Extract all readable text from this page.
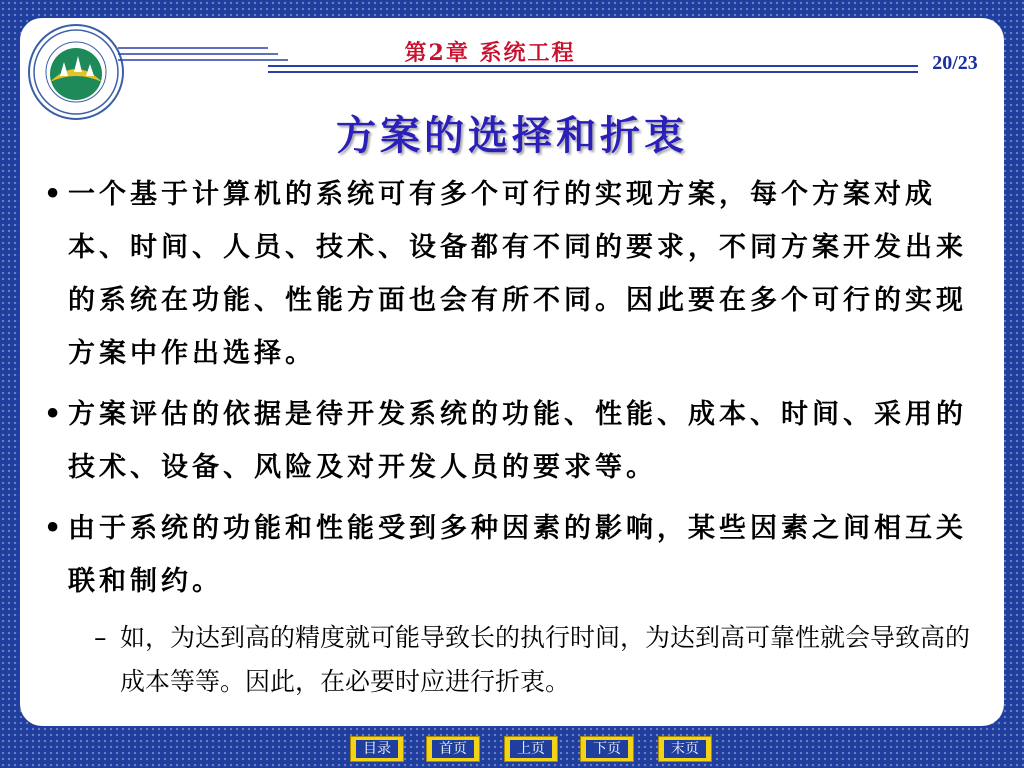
第2章 系统工程	20/23
方案的选择和折衷
• 一个基于计算机的系统可有多个可行的实现方案，每个方案对成本、时间、人员、技术、设备都有不同的要求，不同方案开发出来的系统在功能、性能方面也会有所不同。因此要在多个可行的实现方案中作出选择。
• 方案评估的依据是待开发系统的功能、性能、成本、时间、采用的技术、设备、风险及对开发人员的要求等。
• 由于系统的功能和性能受到多种因素的影响，某些因素之间相互关联和制约。
– 如，为达到高的精度就可能导致长的执行时间，为达到高可靠性就会导致高的成本等等。因此，在必要时应进行折衷。
目录	首页	上页	下页	末页
